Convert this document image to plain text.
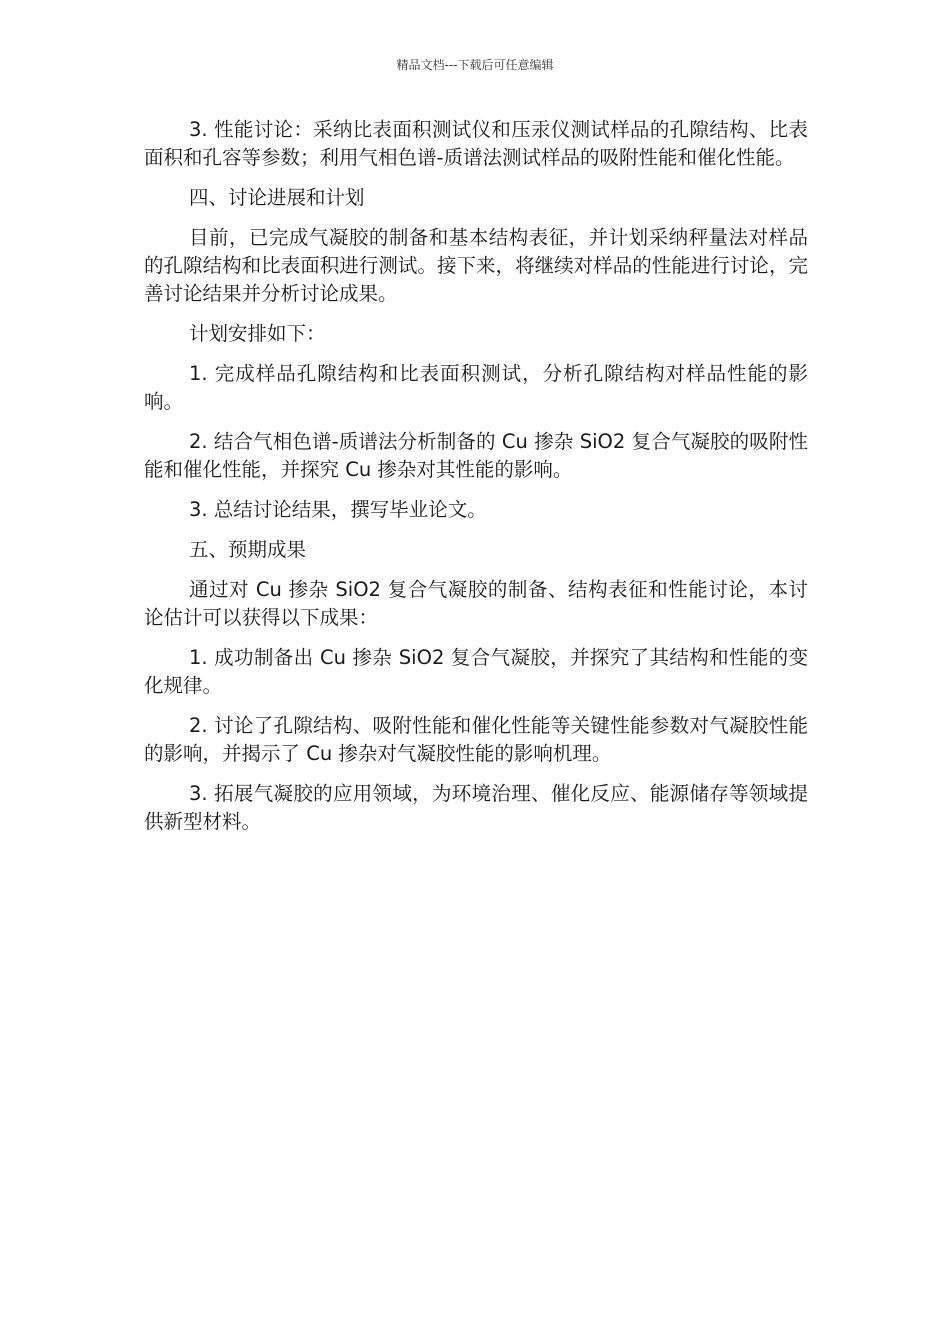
精品文档---下载后可任意编辑

3. 性能讨论：采纳比表面积测试仪和压汞仪测试样品的孔隙结构、比表面积和孔容等参数；利用气相色谱-质谱法测试样品的吸附性能和催化性能。

四、讨论进展和计划

目前，已完成气凝胶的制备和基本结构表征，并计划采纳秤量法对样品的孔隙结构和比表面积进行测试。接下来，将继续对样品的性能进行讨论，完善讨论结果并分析讨论成果。

计划安排如下：

1. 完成样品孔隙结构和比表面积测试，分析孔隙结构对样品性能的影响。

2. 结合气相色谱-质谱法分析制备的 Cu 掺杂 SiO2 复合气凝胶的吸附性能和催化性能，并探究 Cu 掺杂对其性能的影响。

3. 总结讨论结果，撰写毕业论文。

五、预期成果

通过对 Cu 掺杂 SiO2 复合气凝胶的制备、结构表征和性能讨论，本讨论估计可以获得以下成果：

1. 成功制备出 Cu 掺杂 SiO2 复合气凝胶，并探究了其结构和性能的变化规律。

2. 讨论了孔隙结构、吸附性能和催化性能等关键性能参数对气凝胶性能的影响，并揭示了 Cu 掺杂对气凝胶性能的影响机理。

3. 拓展气凝胶的应用领域，为环境治理、催化反应、能源储存等领域提供新型材料。
